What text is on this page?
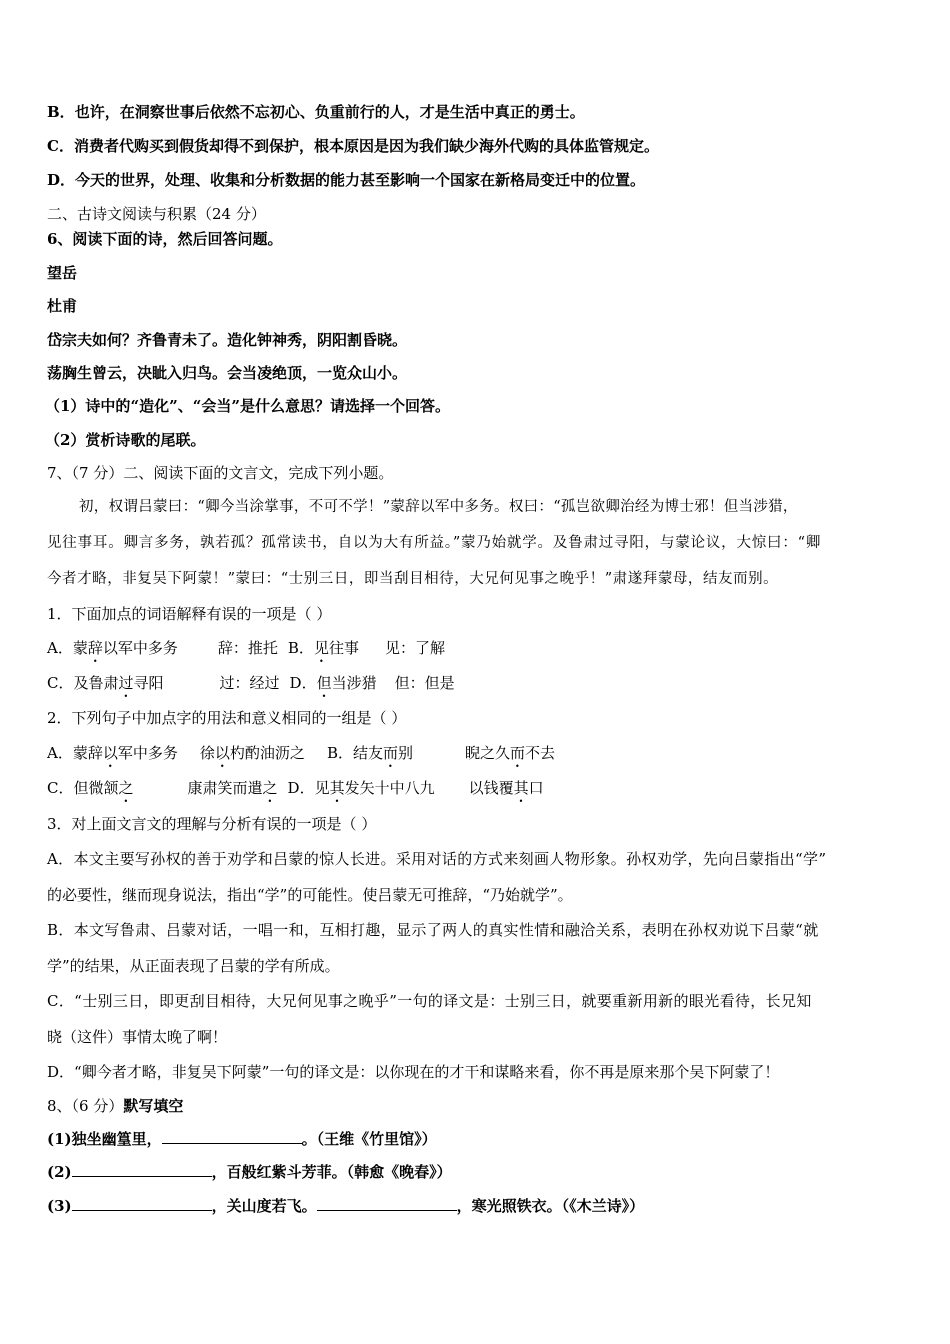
B．也许，在洞察世事后依然不忘初心、负重前行的人，才是生活中真正的勇士。
C．消费者代购买到假货却得不到保护，根本原因是因为我们缺少海外代购的具体监管规定。
D．今天的世界，处理、收集和分析数据的能力甚至影响一个国家在新格局变迁中的位置。
二、古诗文阅读与积累（24 分）
6、阅读下面的诗，然后回答问题。
望岳
杜甫
岱宗夫如何？齐鲁青未了。造化钟神秀，阴阳割昏晓。
荡胸生曾云，决眦入归鸟。会当凌绝顶，一览众山小。
（1）诗中的“造化”、“会当”是什么意思？请选择一个回答。
（2）赏析诗歌的尾联。
7、（7 分）二、阅读下面的文言文，完成下列小题。
初，权谓吕蒙曰：“卿今当涂掌事，不可不学！”蒙辞以军中多务。权曰：“孤岂欲卿治经为博士邪！但当涉猎，
见往事耳。卿言多务，孰若孤？孤常读书，自以为大有所益。”蒙乃始就学。及鲁肃过寻阳，与蒙论议，大惊曰：“卿
今者才略，非复吴下阿蒙！”蒙曰：“士别三日，即当刮目相待，大兄何见事之晚乎！”肃遂拜蒙母，结友而别。
1．下面加点的词语解释有误的一项是（ ）
A．蒙辞以军中多务	辞：推托 B．见往事 见：了解
C．及鲁肃过寻阳	过：经过 D．但当涉猎 但：但是
2．下列句子中加点字的用法和意义相同的一组是（ ）
A．蒙辞以军中多务 徐以杓酌油沥之 B．结友而别	睨之久而不去
C．但微颔之	康肃笑而遣之 D．见其发矢十中八九 以钱覆其口
3．对上面文言文的理解与分析有误的一项是（ ）
A．本文主要写孙权的善于劝学和吕蒙的惊人长进。采用对话的方式来刻画人物形象。孙权劝学，先向吕蒙指出“学”
的必要性，继而现身说法，指出“学”的可能性。使吕蒙无可推辞，“乃始就学”。
B．本文写鲁肃、吕蒙对话，一唱一和，互相打趣，显示了两人的真实性情和融洽关系，表明在孙权劝说下吕蒙“就
学”的结果，从正面表现了吕蒙的学有所成。
C．“士别三日，即更刮目相待，大兄何见事之晚乎”一句的译文是：士别三日，就要重新用新的眼光看待，长兄知
晓（这件）事情太晚了啊！
D．“卿今者才略，非复吴下阿蒙”一句的译文是：以你现在的才干和谋略来看，你不再是原来那个吴下阿蒙了！
8、（6 分）默写填空
(1)独坐幽篁里，	。（王维《竹里馆》）
(2)	，百般红紫斗芳菲。（韩愈《晚春》）
(3)	，关山度若飞。	，寒光照铁衣。（《木兰诗》）
